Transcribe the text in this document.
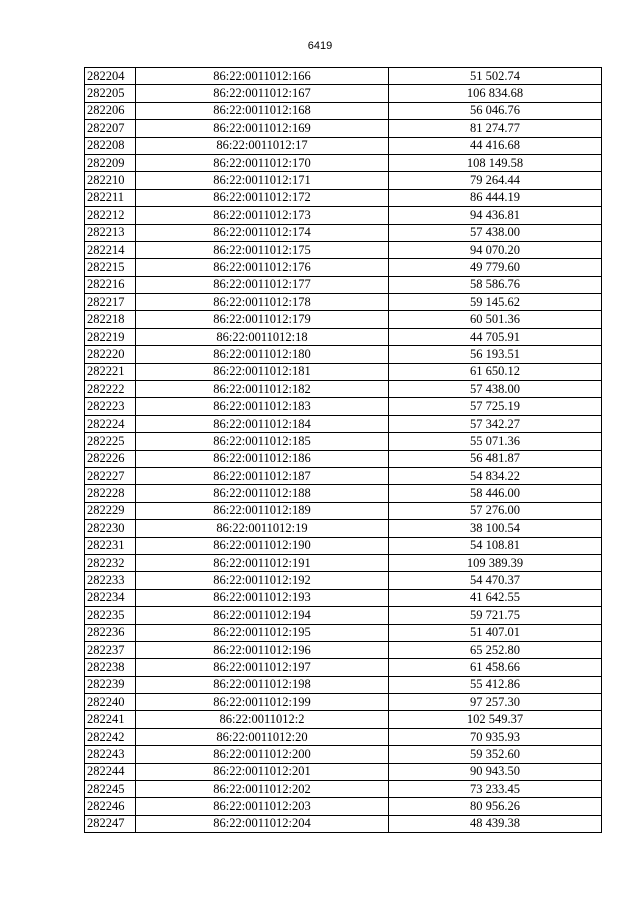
6419
282204	86:22:0011012:166	51 502.74
282205	86:22:0011012:167	106 834.68
282206	86:22:0011012:168	56 046.76
282207	86:22:0011012:169	81 274.77
282208	86:22:0011012:17	44 416.68
282209	86:22:0011012:170	108 149.58
282210	86:22:0011012:171	79 264.44
282211	86:22:0011012:172	86 444.19
282212	86:22:0011012:173	94 436.81
282213	86:22:0011012:174	57 438.00
282214	86:22:0011012:175	94 070.20
282215	86:22:0011012:176	49 779.60
282216	86:22:0011012:177	58 586.76
282217	86:22:0011012:178	59 145.62
282218	86:22:0011012:179	60 501.36
282219	86:22:0011012:18	44 705.91
282220	86:22:0011012:180	56 193.51
282221	86:22:0011012:181	61 650.12
282222	86:22:0011012:182	57 438.00
282223	86:22:0011012:183	57 725.19
282224	86:22:0011012:184	57 342.27
282225	86:22:0011012:185	55 071.36
282226	86:22:0011012:186	56 481.87
282227	86:22:0011012:187	54 834.22
282228	86:22:0011012:188	58 446.00
282229	86:22:0011012:189	57 276.00
282230	86:22:0011012:19	38 100.54
282231	86:22:0011012:190	54 108.81
282232	86:22:0011012:191	109 389.39
282233	86:22:0011012:192	54 470.37
282234	86:22:0011012:193	41 642.55
282235	86:22:0011012:194	59 721.75
282236	86:22:0011012:195	51 407.01
282237	86:22:0011012:196	65 252.80
282238	86:22:0011012:197	61 458.66
282239	86:22:0011012:198	55 412.86
282240	86:22:0011012:199	97 257.30
282241	86:22:0011012:2	102 549.37
282242	86:22:0011012:20	70 935.93
282243	86:22:0011012:200	59 352.60
282244	86:22:0011012:201	90 943.50
282245	86:22:0011012:202	73 233.45
282246	86:22:0011012:203	80 956.26
282247	86:22:0011012:204	48 439.38
